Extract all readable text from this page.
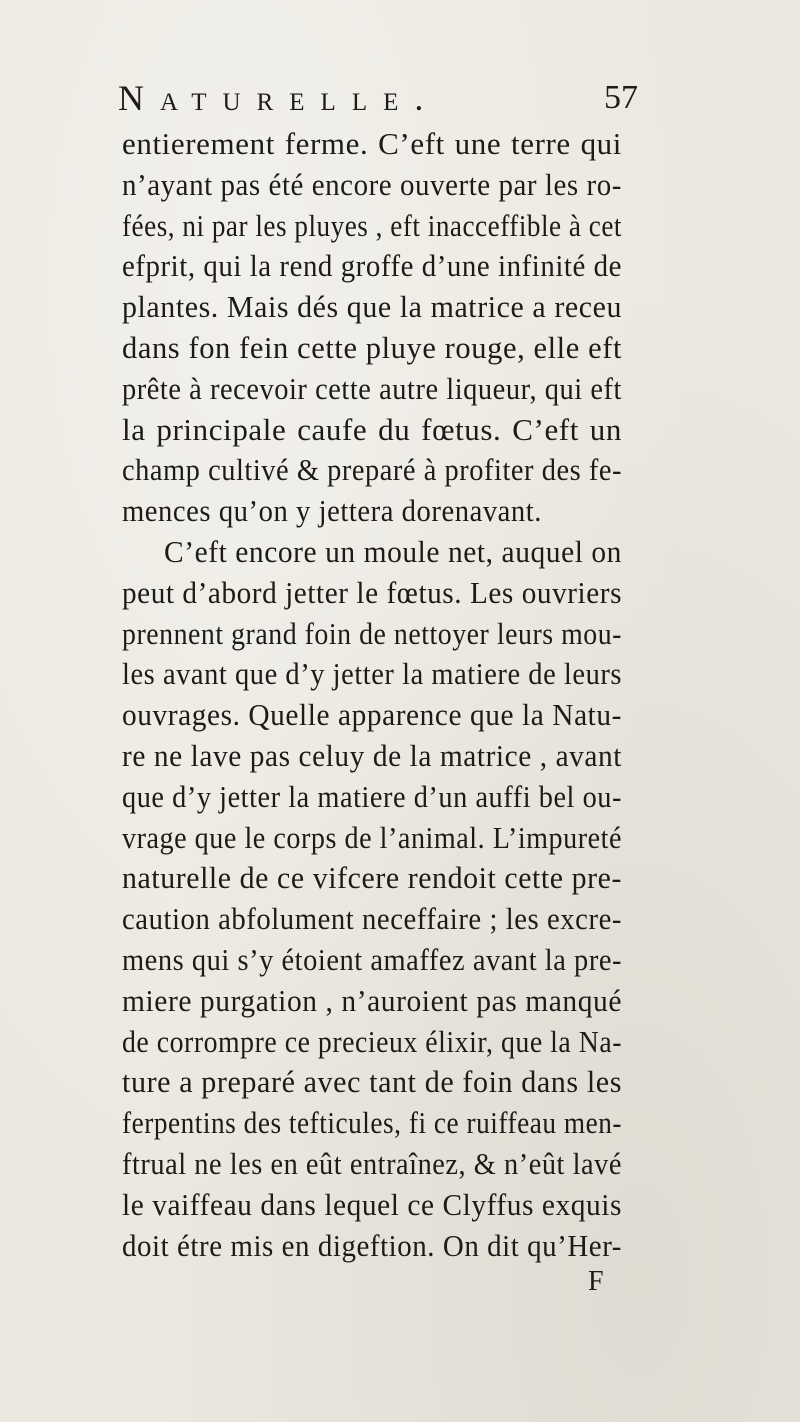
Naturelle.	57
entierement ferme. C’eft une terre qui
n’ayant pas été encore ouverte par les ro-
fées, ni par les pluyes , eft inacceffible à cet
efprit, qui la rend groffe d’une infinité de
plantes. Mais dés que la matrice a receu
dans fon fein cette pluye rouge, elle eft
prête à recevoir cette autre liqueur, qui eft
la principale caufe du fœtus. C’eft un
champ cultivé & preparé à profiter des fe-
mences qu’on y jettera dorenavant.
C’eft encore un moule net, auquel on
peut d’abord jetter le fœtus. Les ouvriers
prennent grand foin de nettoyer leurs mou-
les avant que d’y jetter la matiere de leurs
ouvrages. Quelle apparence que la Natu-
re ne lave pas celuy de la matrice , avant
que d’y jetter la matiere d’un auffi bel ou-
vrage que le corps de l’animal. L’impureté
naturelle de ce vifcere rendoit cette pre-
caution abfolument neceffaire ; les excre-
mens qui s’y étoient amaffez avant la pre-
miere purgation , n’auroient pas manqué
de corrompre ce precieux élixir, que la Na-
ture a preparé avec tant de foin dans les
ferpentins des tefticules, fi ce ruiffeau men-
ftrual ne les en eût entraînez, & n’eût lavé
le vaiffeau dans lequel ce Clyffus exquis
doit étre mis en digeftion. On dit qu’Her-
F
